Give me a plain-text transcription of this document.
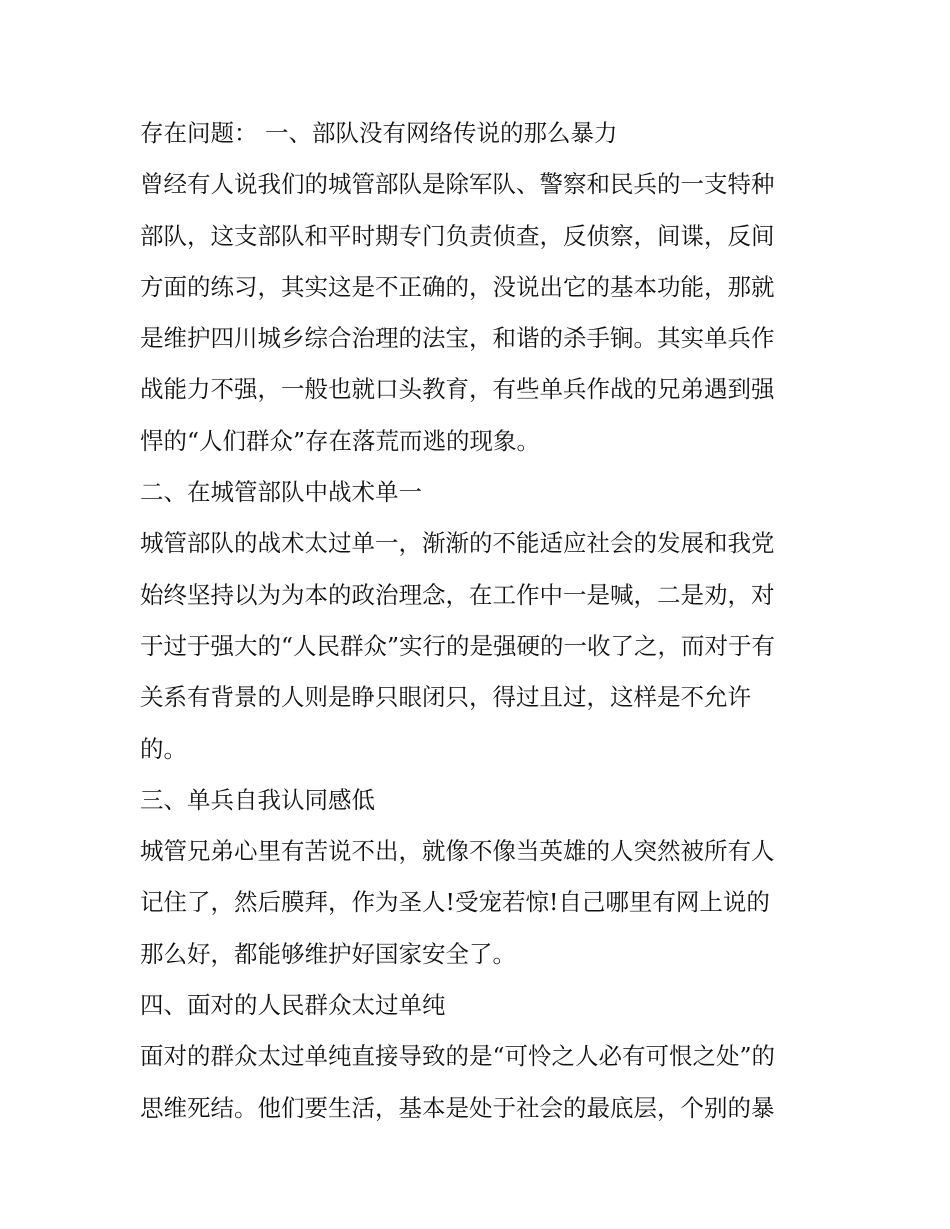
存在问题： 一、部队没有网络传说的那么暴力
曾经有人说我们的城管部队是除军队、警察和民兵的一支特种
部队，这支部队和平时期专门负责侦查，反侦察，间谍，反间
方面的练习，其实这是不正确的，没说出它的基本功能，那就
是维护四川城乡综合治理的法宝，和谐的杀手锏。其实单兵作
战能力不强，一般也就口头教育，有些单兵作战的兄弟遇到强
悍的“人们群众”存在落荒而逃的现象。
二、在城管部队中战术单一
城管部队的战术太过单一，渐渐的不能适应社会的发展和我党
始终坚持以为为本的政治理念，在工作中一是喊，二是劝，对
于过于强大的“人民群众”实行的是强硬的一收了之，而对于有
关系有背景的人则是睁只眼闭只，得过且过，这样是不允许
的。
三、单兵自我认同感低
城管兄弟心里有苦说不出，就像不像当英雄的人突然被所有人
记住了，然后膜拜，作为圣人!受宠若惊!自己哪里有网上说的
那么好，都能够维护好国家安全了。
四、面对的人民群众太过单纯
面对的群众太过单纯直接导致的是“可怜之人必有可恨之处”的
思维死结。他们要生活，基本是处于社会的最底层，个别的暴
